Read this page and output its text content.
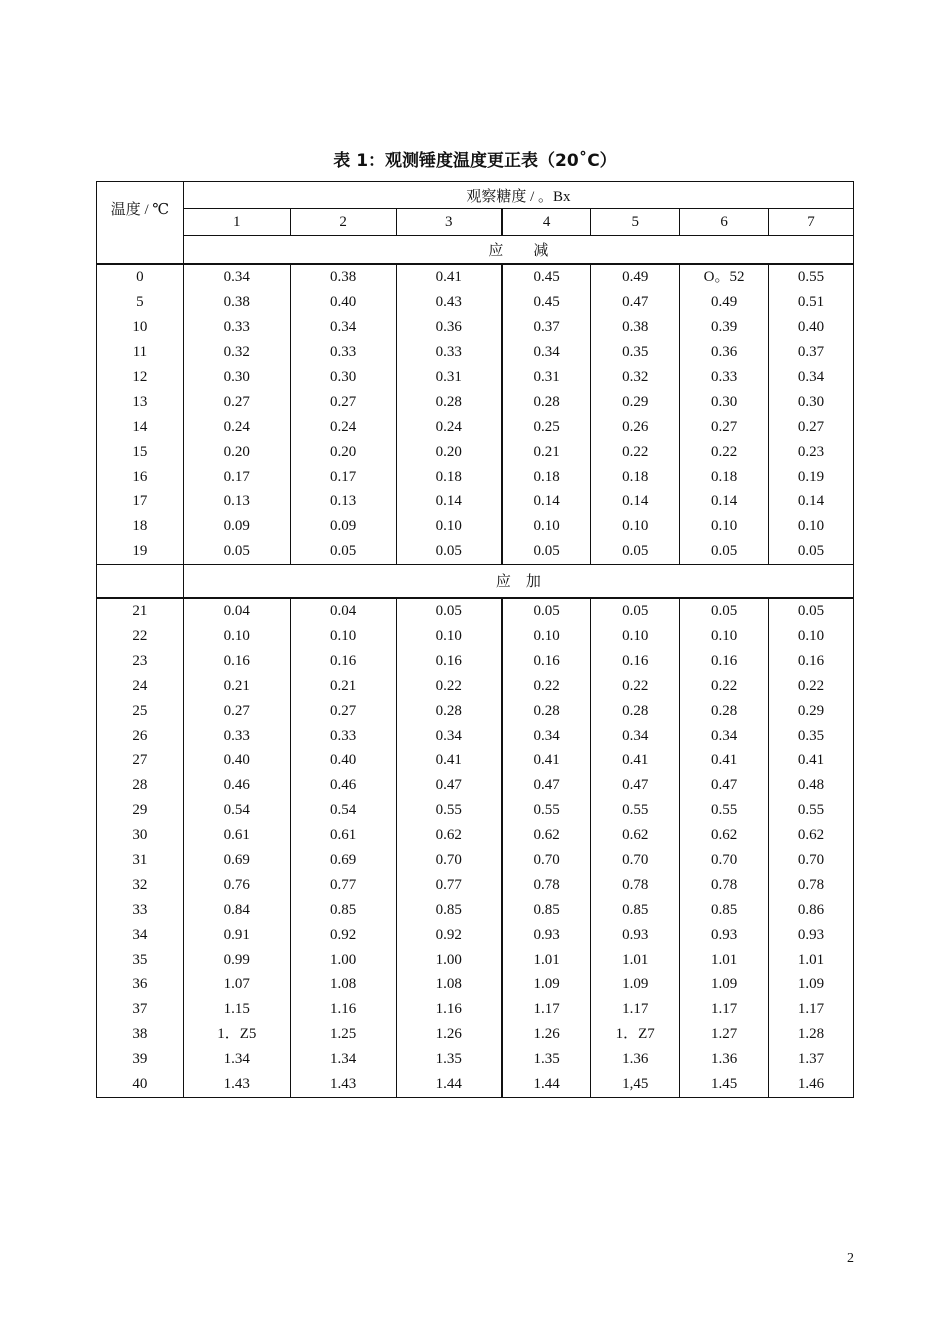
表 1：观测锤度温度更正表（20˚C）
温度 / ℃	观察糖度 / 。Bx						
	1	2	3	4	5	6	7
	应　　减						
0	0.34	0.38	0.41	0.45	0.49	O。52	0.55
5	0.38	0.40	0.43	0.45	0.47	0.49	0.51
10	0.33	0.34	0.36	0.37	0.38	0.39	0.40
11	0.32	0.33	0.33	0.34	0.35	0.36	0.37
12	0.30	0.30	0.31	0.31	0.32	0.33	0.34
13	0.27	0.27	0.28	0.28	0.29	0.30	0.30
14	0.24	0.24	0.24	0.25	0.26	0.27	0.27
15	0.20	0.20	0.20	0.21	0.22	0.22	0.23
16	0.17	0.17	0.18	0.18	0.18	0.18	0.19
17	0.13	0.13	0.14	0.14	0.14	0.14	0.14
18	0.09	0.09	0.10	0.10	0.10	0.10	0.10
19	0.05	0.05	0.05	0.05	0.05	0.05	0.05
	应　加						
21	0.04	0.04	0.05	0.05	0.05	0.05	0.05
22	0.10	0.10	0.10	0.10	0.10	0.10	0.10
23	0.16	0.16	0.16	0.16	0.16	0.16	0.16
24	0.21	0.21	0.22	0.22	0.22	0.22	0.22
25	0.27	0.27	0.28	0.28	0.28	0.28	0.29
26	0.33	0.33	0.34	0.34	0.34	0.34	0.35
27	0.40	0.40	0.41	0.41	0.41	0.41	0.41
28	0.46	0.46	0.47	0.47	0.47	0.47	0.48
29	0.54	0.54	0.55	0.55	0.55	0.55	0.55
30	0.61	0.61	0.62	0.62	0.62	0.62	0.62
31	0.69	0.69	0.70	0.70	0.70	0.70	0.70
32	0.76	0.77	0.77	0.78	0.78	0.78	0.78
33	0.84	0.85	0.85	0.85	0.85	0.85	0.86
34	0.91	0.92	0.92	0.93	0.93	0.93	0.93
35	0.99	1.00	1.00	1.01	1.01	1.01	1.01
36	1.07	1.08	1.08	1.09	1.09	1.09	1.09
37	1.15	1.16	1.16	1.17	1.17	1.17	1.17
38	1．Z5	1.25	1.26	1.26	1．Z7	1.27	1.28
39	1.34	1.34	1.35	1.35	1.36	1.36	1.37
40	1.43	1.43	1.44	1.44	1,45	1.45	1.46
2
